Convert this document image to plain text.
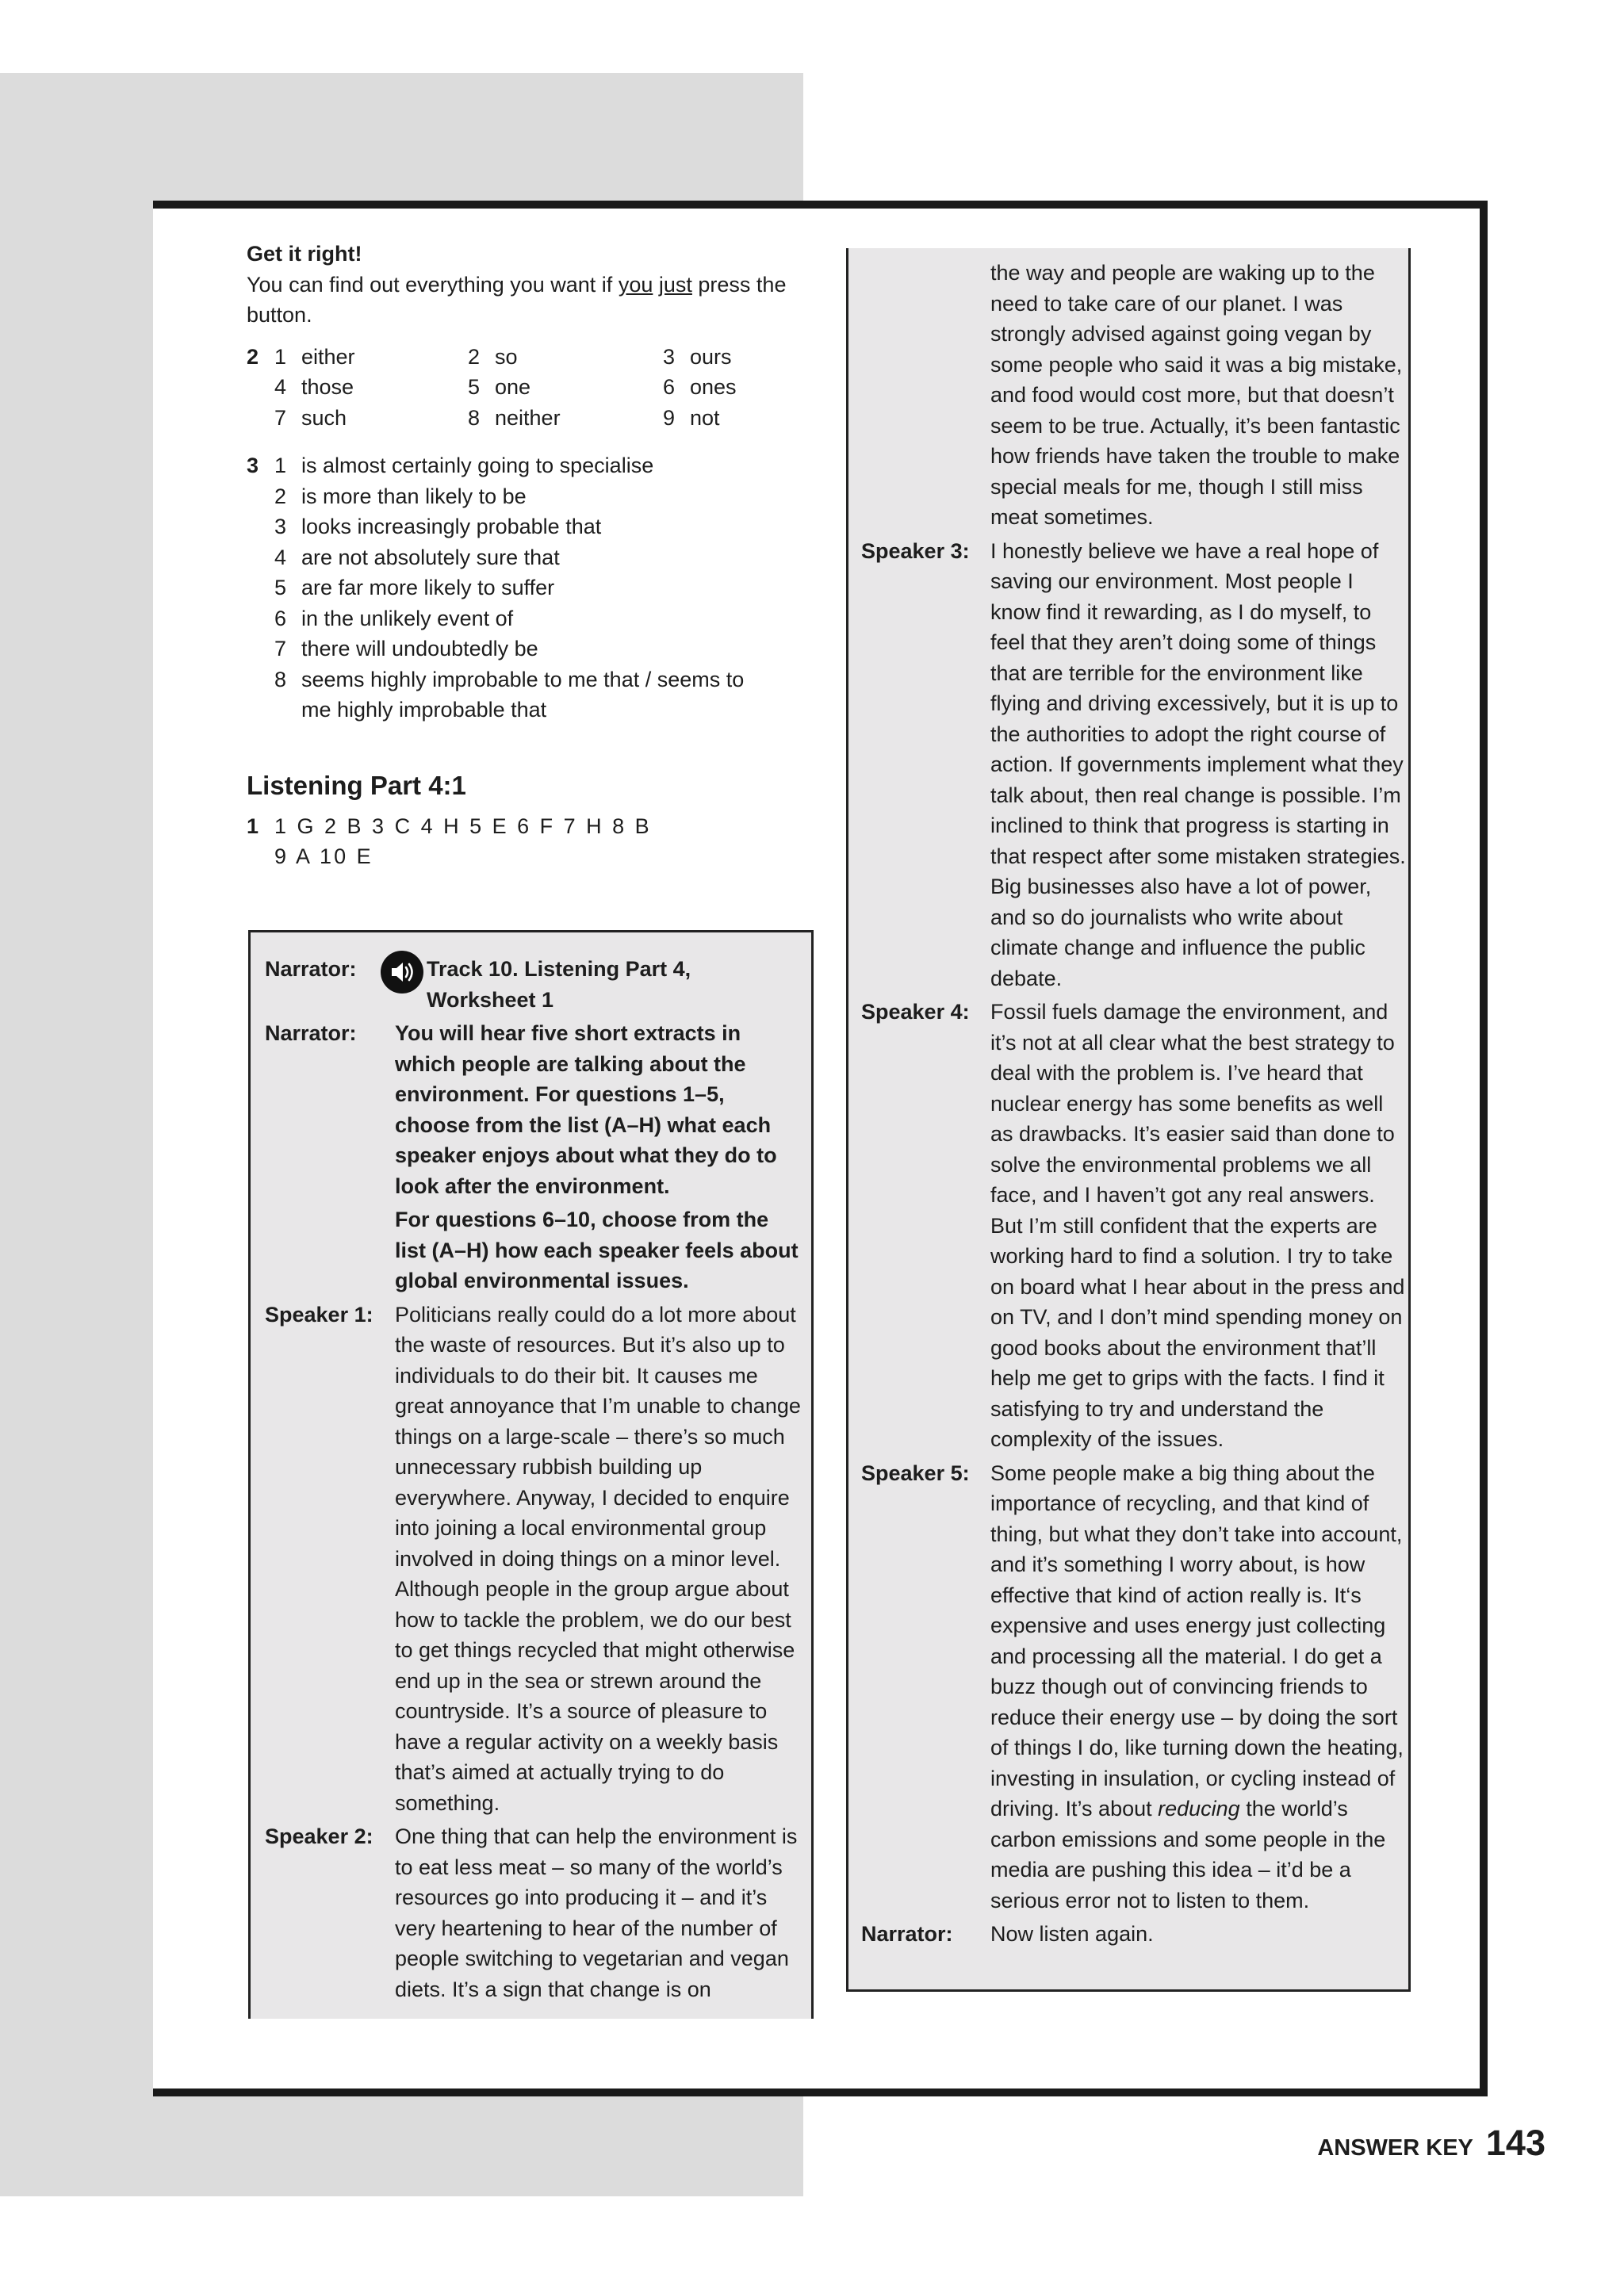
Get it right!

You can find out everything you want if you just press the button.

2 1 either	2 so	3 ours
4 those	5 one	6 ones
7 such	8 neither	9 not
3 1 is almost certainly going to specialise
2 is more than likely to be
3 looks increasingly probable that
4 are not absolutely sure that
5 are far more likely to suffer
6 in the unlikely event of
7 there will undoubtedly be
8 seems highly improbable to me that / seems to me highly improbable that
Listening Part 4:1
1 1 G 2 B 3 C 4 H 5 E 6 F 7 H 8 B
9 A 10 E
Narrator:	Track 10. Listening Part 4, Worksheet 1
Narrator:	You will hear five short extracts in which people are talking about the environment. For questions 1–5, choose from the list (A–H) what each speaker enjoys about what they do to look after the environment.
For questions 6–10, choose from the list (A–H) how each speaker feels about global environmental issues.
Speaker 1:	Politicians really could do a lot more about the waste of resources. But it’s also up to individuals to do their bit. It causes me great annoyance that I’m unable to change things on a large-scale – there’s so much unnecessary rubbish building up everywhere. Anyway, I decided to enquire into joining a local environmental group involved in doing things on a minor level. Although people in the group argue about how to tackle the problem, we do our best to get things recycled that might otherwise end up in the sea or strewn around the countryside. It’s a source of pleasure to have a regular activity on a weekly basis that’s aimed at actually trying to do something.
Speaker 2:	One thing that can help the environment is to eat less meat – so many of the world’s resources go into producing it – and it’s very heartening to hear of the number of people switching to vegetarian and vegan diets. It’s a sign that change is on
the way and people are waking up to the need to take care of our planet. I was strongly advised against going vegan by some people who said it was a big mistake, and food would cost more, but that doesn’t seem to be true. Actually, it’s been fantastic how friends have taken the trouble to make special meals for me, though I still miss meat sometimes.
Speaker 3: I honestly believe we have a real hope of saving our environment. Most people I know find it rewarding, as I do myself, to feel that they aren’t doing some of things that are terrible for the environment like flying and driving excessively, but it is up to the authorities to adopt the right course of action. If governments implement what they talk about, then real change is possible. I’m inclined to think that progress is starting in that respect after some mistaken strategies. Big businesses also have a lot of power, and so do journalists who write about climate change and influence the public debate.
Speaker 4: Fossil fuels damage the environment, and it’s not at all clear what the best strategy to deal with the problem is. I’ve heard that nuclear energy has some benefits as well as drawbacks. It’s easier said than done to solve the environmental problems we all face, and I haven’t got any real answers. But I’m still confident that the experts are working hard to find a solution. I try to take on board what I hear about in the press and on TV, and I don’t mind spending money on good books about the environment that’ll help me get to grips with the facts. I find it satisfying to try and understand the complexity of the issues.
Speaker 5: Some people make a big thing about the importance of recycling, and that kind of thing, but what they don’t take into account, and it’s something I worry about, is how effective that kind of action really is. It‘s expensive and uses energy just collecting and processing all the material. I do get a buzz though out of convincing friends to reduce their energy use – by doing the sort of things I do, like turning down the heating, investing in insulation, or cycling instead of driving. It’s about reducing the world’s carbon emissions and some people in the media are pushing this idea – it’d be a serious error not to listen to them.
Narrator:	Now listen again.
ANSWER KEY 143
